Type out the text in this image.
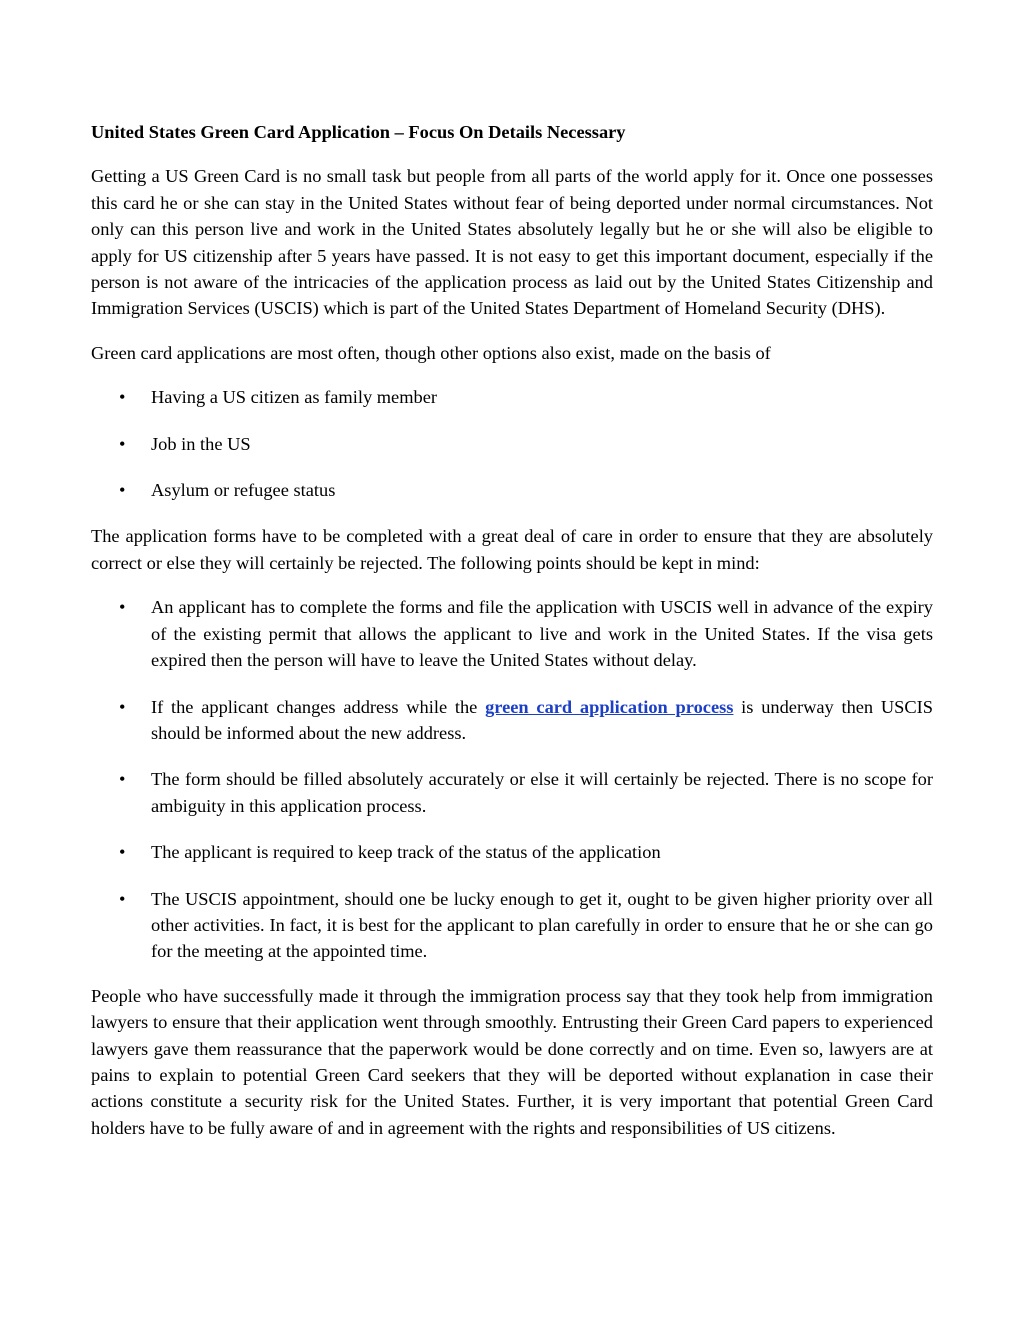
United States Green Card Application – Focus On Details Necessary

Getting a US Green Card is no small task but people from all parts of the world apply for it. Once one possesses this card he or she can stay in the United States without fear of being deported under normal circumstances. Not only can this person live and work in the United States absolutely legally but he or she will also be eligible to apply for US citizenship after 5 years have passed. It is not easy to get this important document, especially if the person is not aware of the intricacies of the application process as laid out by the United States Citizenship and Immigration Services (USCIS) which is part of the United States Department of Homeland Security (DHS).

Green card applications are most often, though other options also exist, made on the basis of

• Having a US citizen as family member
• Job in the US
• Asylum or refugee status

The application forms have to be completed with a great deal of care in order to ensure that they are absolutely correct or else they will certainly be rejected. The following points should be kept in mind:

• An applicant has to complete the forms and file the application with USCIS well in advance of the expiry of the existing permit that allows the applicant to live and work in the United States. If the visa gets expired then the person will have to leave the United States without delay.
• If the applicant changes address while the green card application process is underway then USCIS should be informed about the new address.
• The form should be filled absolutely accurately or else it will certainly be rejected. There is no scope for ambiguity in this application process.
• The applicant is required to keep track of the status of the application
• The USCIS appointment, should one be lucky enough to get it, ought to be given higher priority over all other activities. In fact, it is best for the applicant to plan carefully in order to ensure that he or she can go for the meeting at the appointed time.

People who have successfully made it through the immigration process say that they took help from immigration lawyers to ensure that their application went through smoothly. Entrusting their Green Card papers to experienced lawyers gave them reassurance that the paperwork would be done correctly and on time. Even so, lawyers are at pains to explain to potential Green Card seekers that they will be deported without explanation in case their actions constitute a security risk for the United States. Further, it is very important that potential Green Card holders have to be fully aware of and in agreement with the rights and responsibilities of US citizens.
